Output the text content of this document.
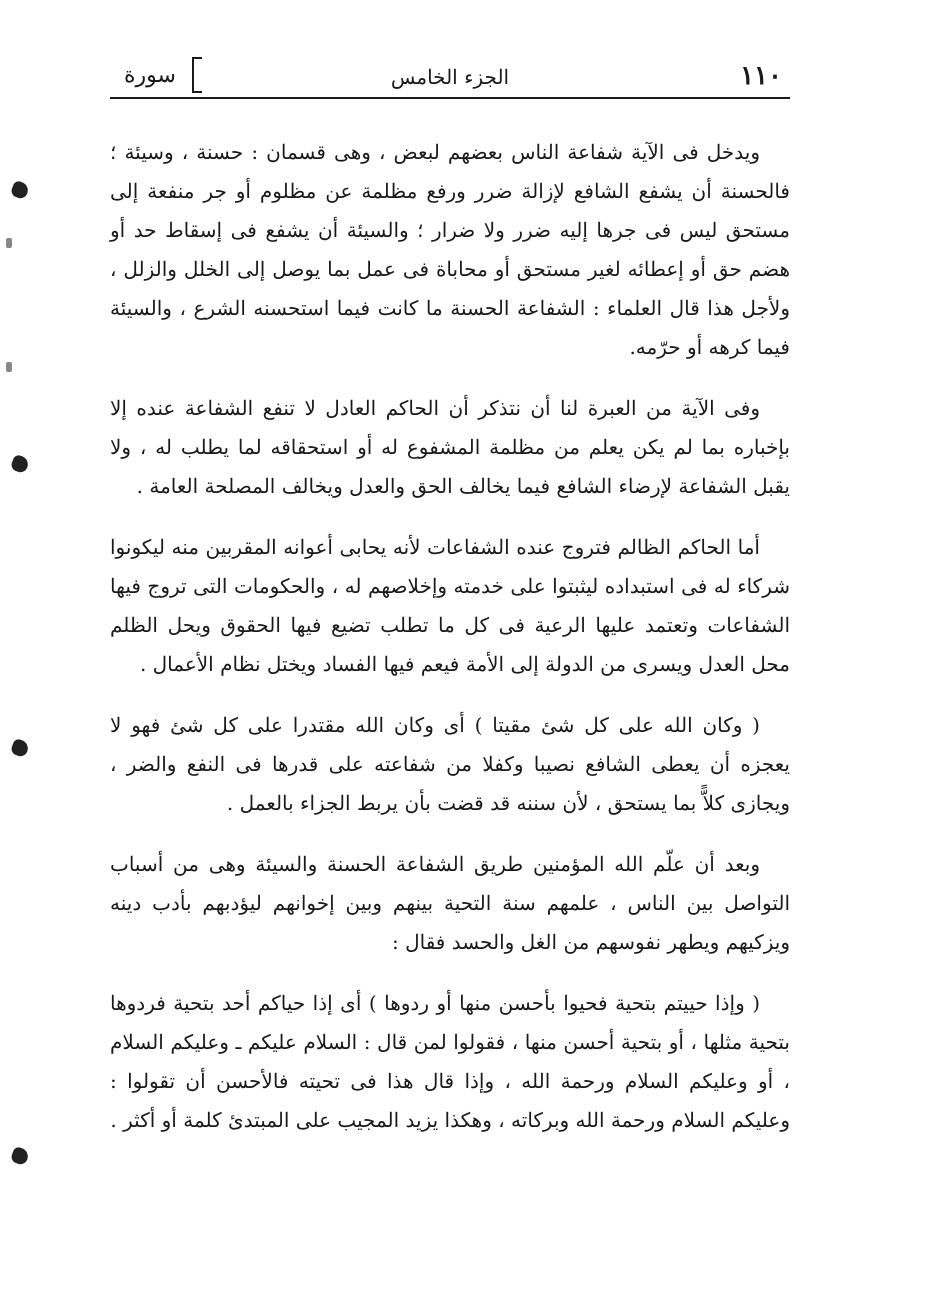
١١٠
الجزء الخامس
سورة

ويدخل فى الآية شفاعة الناس بعضهم لبعض ، وهى قسمان : حسنة ، وسيئة ؛ فالحسنة أن يشفع الشافع لإزالة ضرر ورفع مظلمة عن مظلوم أو جر منفعة إلى مستحق ليس فى جرها إليه ضرر ولا ضرار ؛ والسيئة أن يشفع فى إسقاط حد أو هضم حق أو إعطائه لغير مستحق أو محاباة فى عمل بما يوصل إلى الخلل والزلل ، ولأجل هذا قال العلماء : الشفاعة الحسنة ما كانت فيما استحسنه الشرع ، والسيئة فيما كرهه أو حرّمه.

وفى الآية من العبرة لنا أن نتذكر أن الحاكم العادل لا تنفع الشفاعة عنده إلا بإخباره بما لم يكن يعلم من مظلمة المشفوع له أو استحقاقه لما يطلب له ، ولا يقبل الشفاعة لإرضاء الشافع فيما يخالف الحق والعدل ويخالف المصلحة العامة .

أما الحاكم الظالم فتروج عنده الشفاعات لأنه يحابى أعوانه المقربين منه ليكونوا شركاء له فى استبداده ليثبتوا على خدمته وإخلاصهم له ، والحكومات التى تروج فيها الشفاعات وتعتمد عليها الرعية فى كل ما تطلب تضيع فيها الحقوق ويحل الظلم محل العدل ويسرى من الدولة إلى الأمة فيعم فيها الفساد ويختل نظام الأعمال .

( وكان الله على كل شئ مقيتا ) أى وكان الله مقتدرا على كل شئ فهو لا يعجزه أن يعطى الشافع نصيبا وكفلا من شفاعته على قدرها فى النفع والضر ، ويجازى كلاًّ بما يستحق ، لأن سننه قد قضت بأن يربط الجزاء بالعمل .

وبعد أن علّم الله المؤمنين طريق الشفاعة الحسنة والسيئة وهى من أسباب التواصل بين الناس ، علمهم سنة التحية بينهم وبين إخوانهم ليؤدبهم بأدب دينه ويزكيهم ويطهر نفوسهم من الغل والحسد فقال :

( وإذا حييتم بتحية فحيوا بأحسن منها أو ردوها ) أى إذا حياكم أحد بتحية فردوها بتحية مثلها ، أو بتحية أحسن منها ، فقولوا لمن قال : السلام عليكم ـ وعليكم السلام ، أو وعليكم السلام ورحمة الله ، وإذا قال هذا فى تحيته فالأحسن أن تقولوا : وعليكم السلام ورحمة الله وبركاته ، وهكذا يزيد المجيب على المبتدئ كلمة أو أكثر .
